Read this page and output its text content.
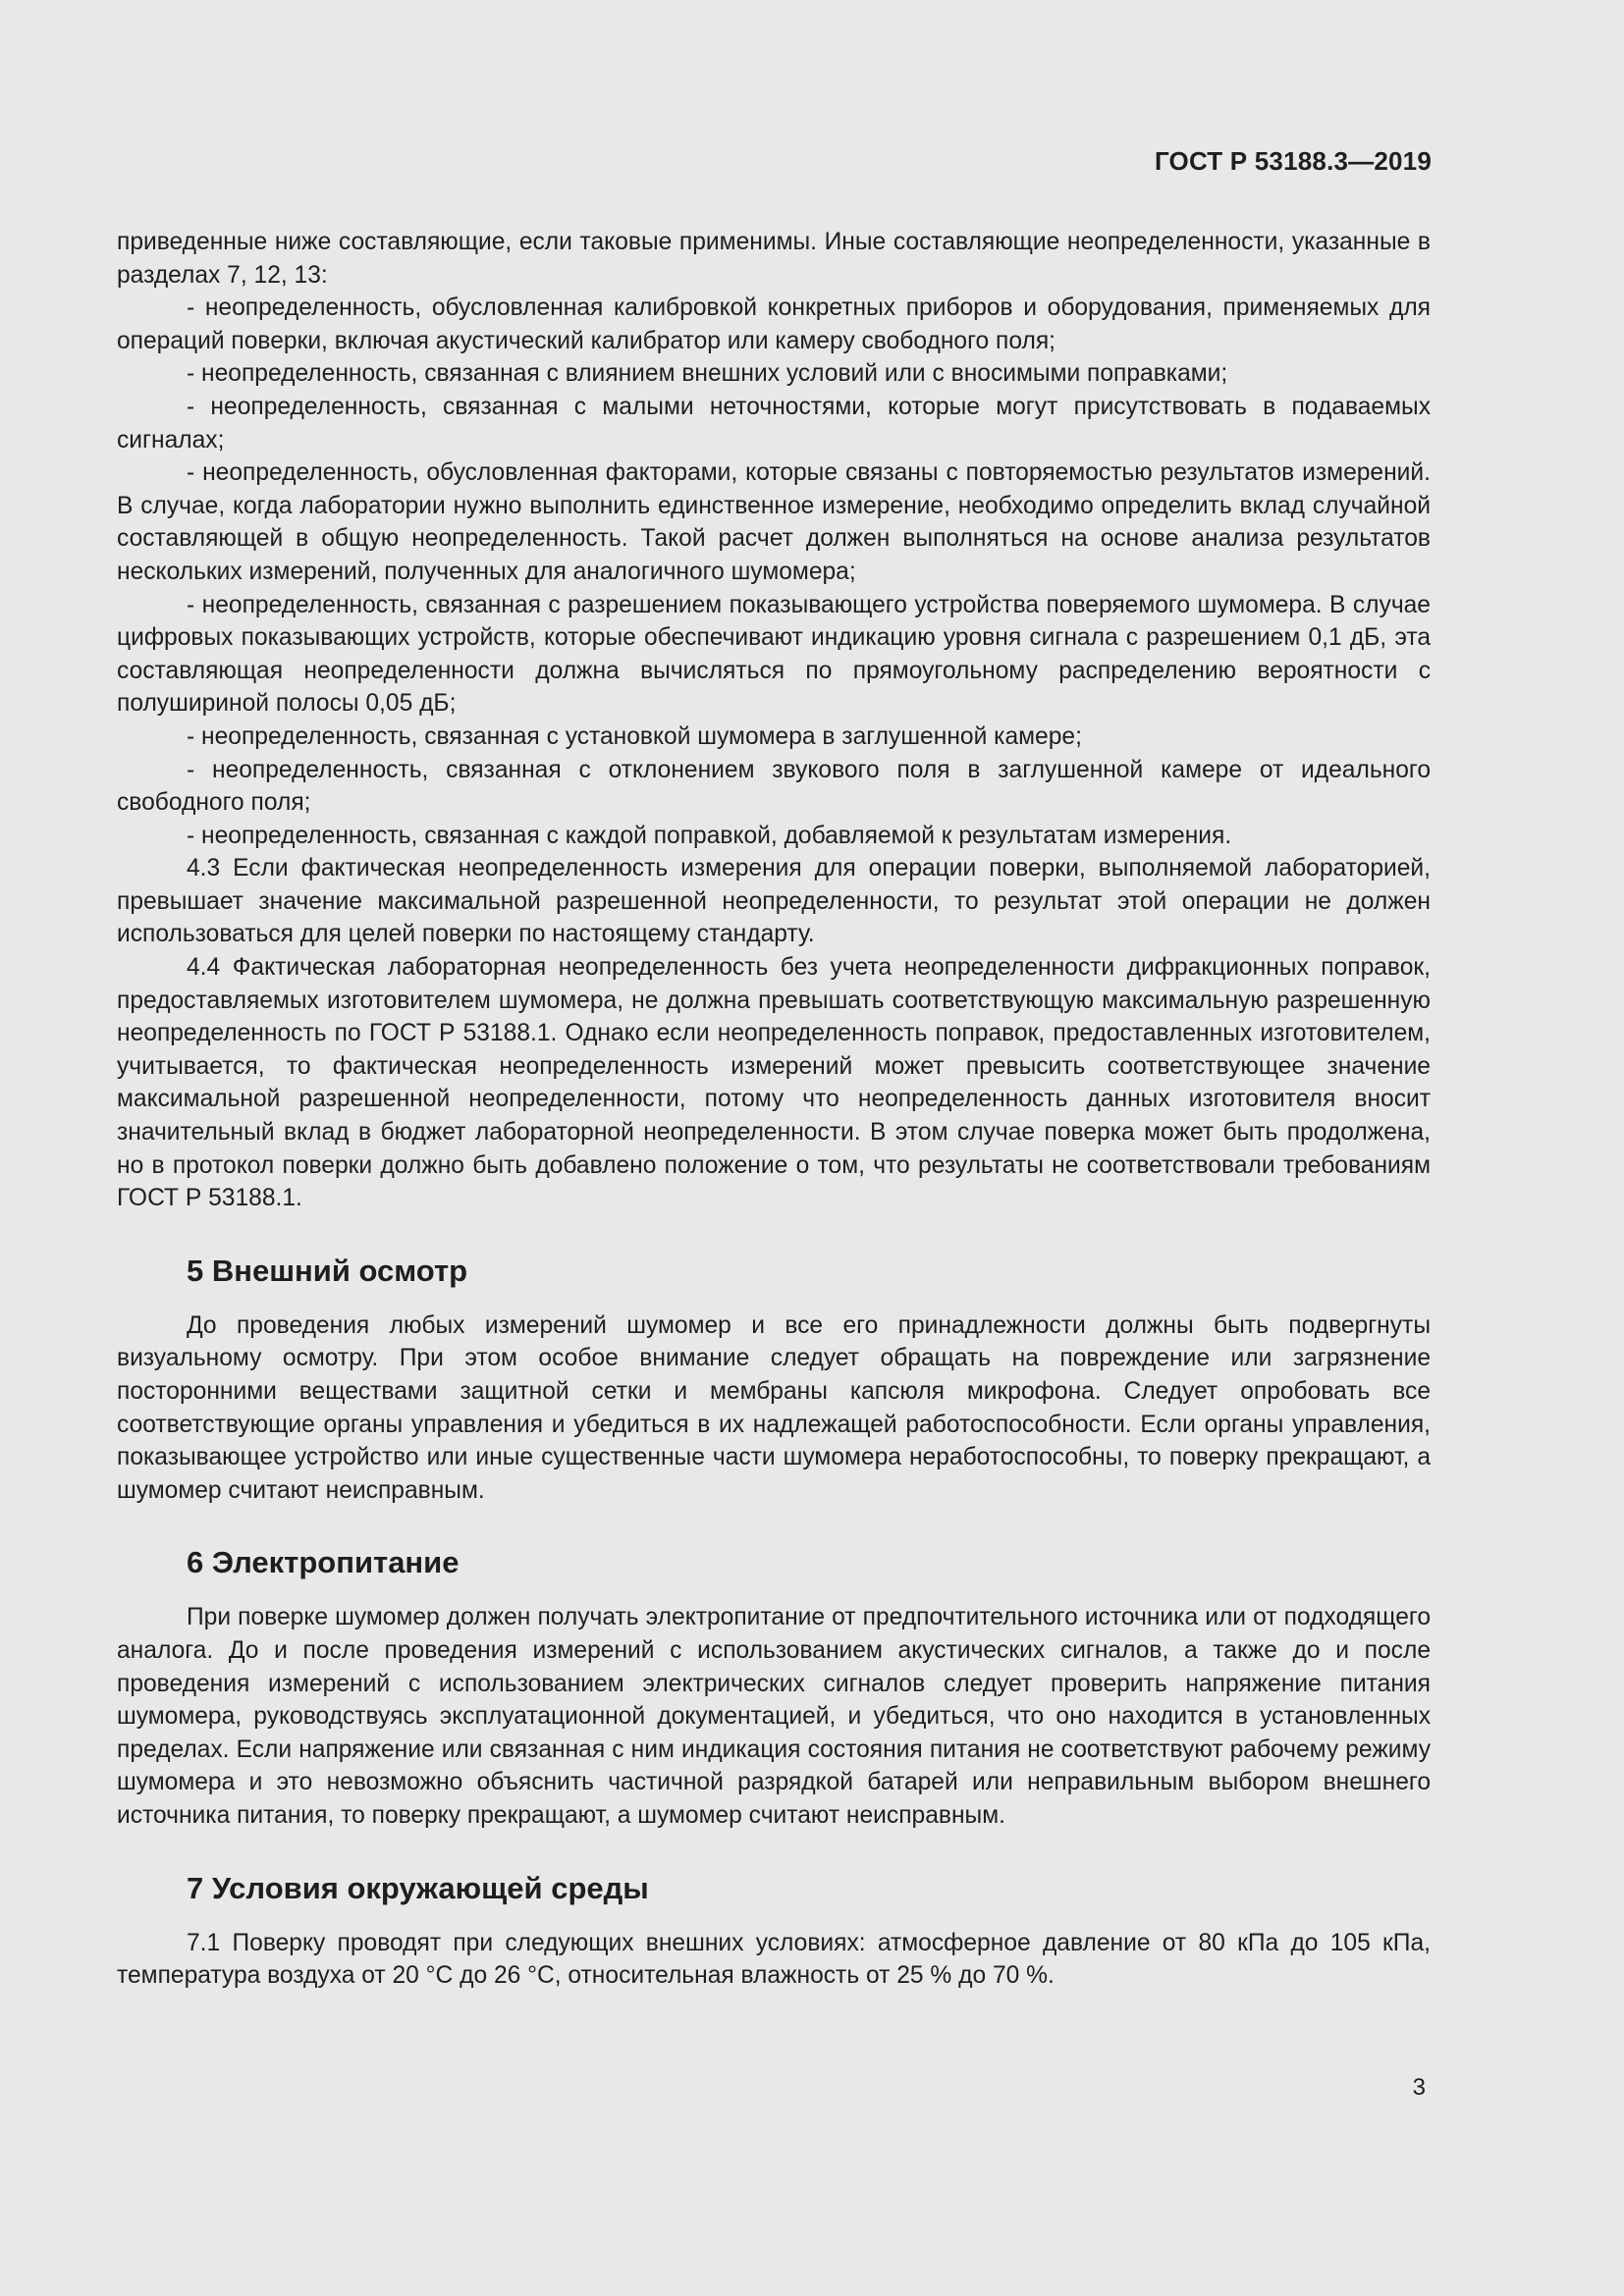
ГОСТ Р 53188.3—2019

приведенные ниже составляющие, если таковые применимы. Иные составляющие неопределенности, указанные в разделах 7, 12, 13:

- неопределенность, обусловленная калибровкой конкретных приборов и оборудования, применяемых для операций поверки, включая акустический калибратор или камеру свободного поля;

- неопределенность, связанная с влиянием внешних условий или с вносимыми поправками;

- неопределенность, связанная с малыми неточностями, которые могут присутствовать в подаваемых сигналах;

- неопределенность, обусловленная факторами, которые связаны с повторяемостью результатов измерений. В случае, когда лаборатории нужно выполнить единственное измерение, необходимо определить вклад случайной составляющей в общую неопределенность. Такой расчет должен выполняться на основе анализа результатов нескольких измерений, полученных для аналогичного шумомера;

- неопределенность, связанная с разрешением показывающего устройства поверяемого шумомера. В случае цифровых показывающих устройств, которые обеспечивают индикацию уровня сигнала с разрешением 0,1 дБ, эта составляющая неопределенности должна вычисляться по прямоугольному распределению вероятности с полушириной полосы 0,05 дБ;

- неопределенность, связанная с установкой шумомера в заглушенной камере;

- неопределенность, связанная с отклонением звукового поля в заглушенной камере от идеального свободного поля;

- неопределенность, связанная с каждой поправкой, добавляемой к результатам измерения.

4.3 Если фактическая неопределенность измерения для операции поверки, выполняемой лабораторией, превышает значение максимальной разрешенной неопределенности, то результат этой операции не должен использоваться для целей поверки по настоящему стандарту.

4.4 Фактическая лабораторная неопределенность без учета неопределенности дифракционных поправок, предоставляемых изготовителем шумомера, не должна превышать соответствующую максимальную разрешенную неопределенность по ГОСТ Р 53188.1. Однако если неопределенность поправок, предоставленных изготовителем, учитывается, то фактическая неопределенность измерений может превысить соответствующее значение максимальной разрешенной неопределенности, потому что неопределенность данных изготовителя вносит значительный вклад в бюджет лабораторной неопределенности. В этом случае поверка может быть продолжена, но в протокол поверки должно быть добавлено положение о том, что результаты не соответствовали требованиям ГОСТ Р 53188.1.

5 Внешний осмотр

До проведения любых измерений шумомер и все его принадлежности должны быть подвергнуты визуальному осмотру. При этом особое внимание следует обращать на повреждение или загрязнение посторонними веществами защитной сетки и мембраны капсюля микрофона. Следует опробовать все соответствующие органы управления и убедиться в их надлежащей работоспособности. Если органы управления, показывающее устройство или иные существенные части шумомера неработоспособны, то поверку прекращают, а шумомер считают неисправным.

6 Электропитание

При поверке шумомер должен получать электропитание от предпочтительного источника или от подходящего аналога. До и после проведения измерений с использованием акустических сигналов, а также до и после проведения измерений с использованием электрических сигналов следует проверить напряжение питания шумомера, руководствуясь эксплуатационной документацией, и убедиться, что оно находится в установленных пределах. Если напряжение или связанная с ним индикация состояния питания не соответствуют рабочему режиму шумомера и это невозможно объяснить частичной разрядкой батарей или неправильным выбором внешнего источника питания, то поверку прекращают, а шумомер считают неисправным.

7 Условия окружающей среды

7.1 Поверку проводят при следующих внешних условиях: атмосферное давление от 80 кПа до 105 кПа, температура воздуха от 20 °С до 26 °С, относительная влажность от 25 % до 70 %.

3
